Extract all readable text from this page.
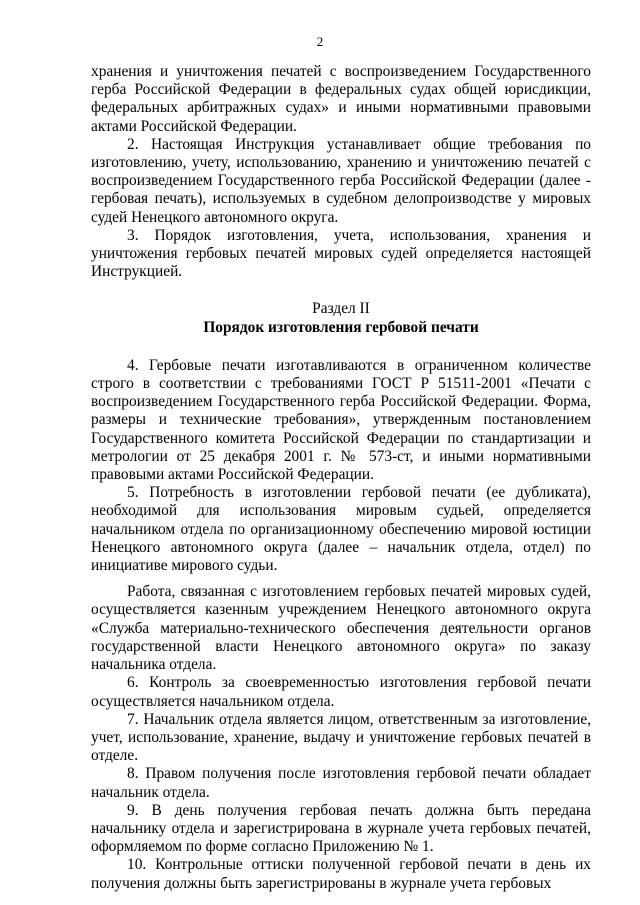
2

хранения и уничтожения печатей с воспроизведением Государственного герба Российской Федерации в федеральных судах общей юрисдикции, федеральных арбитражных судах» и иными нормативными правовыми актами Российской Федерации.

2. Настоящая Инструкция устанавливает общие требования по изготовлению, учету, использованию, хранению и уничтожению печатей с воспроизведением Государственного герба Российской Федерации (далее - гербовая печать), используемых в судебном делопроизводстве у мировых судей Ненецкого автономного округа.

3. Порядок изготовления, учета, использования, хранения и уничтожения гербовых печатей мировых судей определяется настоящей Инструкцией.

Раздел II

Порядок изготовления гербовой печати

4. Гербовые печати изготавливаются в ограниченном количестве строго в соответствии с требованиями ГОСТ Р 51511-2001 «Печати с воспроизведением Государственного герба Российской Федерации. Форма, размеры и технические требования», утвержденным постановлением Государственного комитета Российской Федерации по стандартизации и метрологии от 25 декабря 2001 г. № 573-ст, и иными нормативными правовыми актами Российской Федерации.

5. Потребность в изготовлении гербовой печати (ее дубликата), необходимой для использования мировым судьей, определяется начальником отдела по организационному обеспечению мировой юстиции Ненецкого автономного округа (далее – начальник отдела, отдел) по инициативе мирового судьи.

Работа, связанная с изготовлением гербовых печатей мировых судей, осуществляется казенным учреждением Ненецкого автономного округа «Служба материально-технического обеспечения деятельности органов государственной власти Ненецкого автономного округа» по заказу начальника отдела.

6. Контроль за своевременностью изготовления гербовой печати осуществляется начальником отдела.

7. Начальник отдела является лицом, ответственным за изготовление, учет, использование, хранение, выдачу и уничтожение гербовых печатей в отделе.

8. Правом получения после изготовления гербовой печати обладает начальник отдела.

9. В день получения гербовая печать должна быть передана начальнику отдела и зарегистрирована в журнале учета гербовых печатей, оформляемом по форме согласно Приложению № 1.

10. Контрольные оттиски полученной гербовой печати в день их получения должны быть зарегистрированы в журнале учета гербовых
